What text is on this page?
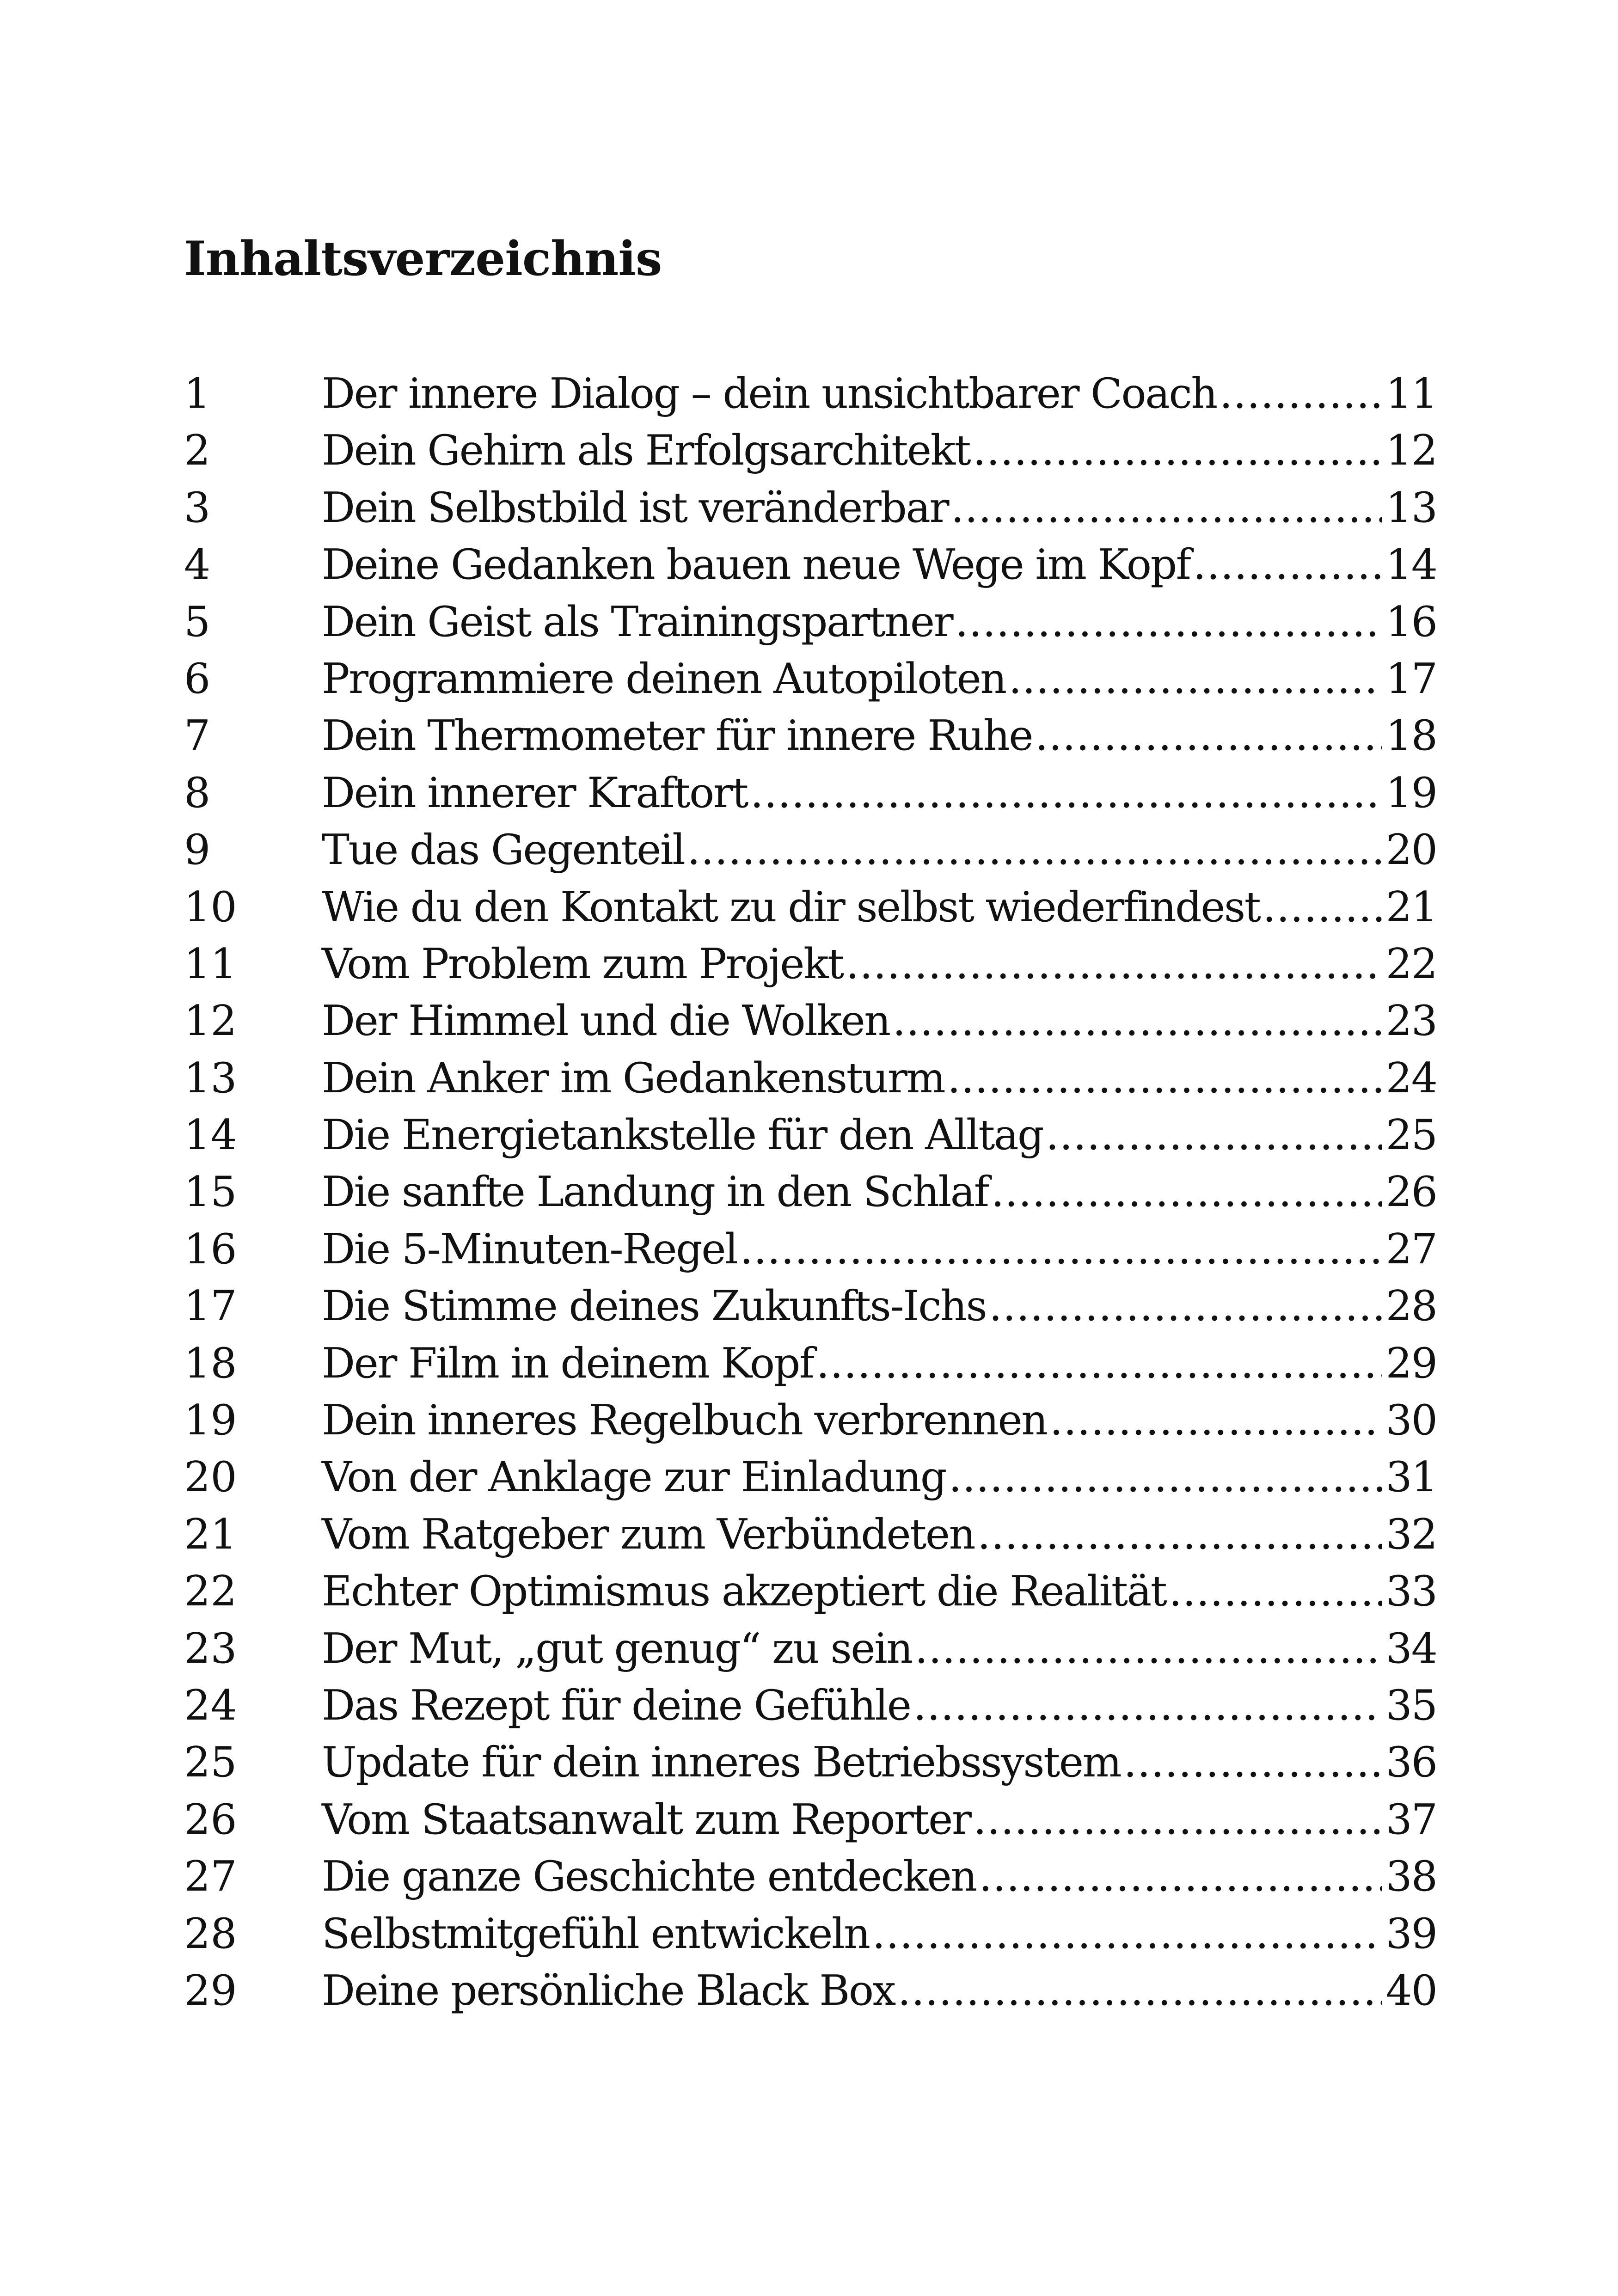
Inhaltsverzeichnis
1	Der innere Dialog – dein unsichtbarer Coach .....	11
2	Dein Gehirn als Erfolgsarchitekt .....	12
3	Dein Selbstbild ist veränderbar .....	13
4	Deine Gedanken bauen neue Wege im Kopf .....	14
5	Dein Geist als Trainingspartner .....	16
6	Programmiere deinen Autopiloten .....	17
7	Dein Thermometer für innere Ruhe .....	18
8	Dein innerer Kraftort .....	19
9	Tue das Gegenteil .....	20
10	Wie du den Kontakt zu dir selbst wiederfindest .....	21
11	Vom Problem zum Projekt .....	22
12	Der Himmel und die Wolken .....	23
13	Dein Anker im Gedankensturm .....	24
14	Die Energietankstelle für den Alltag .....	25
15	Die sanfte Landung in den Schlaf .....	26
16	Die 5-Minuten-Regel .....	27
17	Die Stimme deines Zukunfts-Ichs .....	28
18	Der Film in deinem Kopf .....	29
19	Dein inneres Regelbuch verbrennen .....	30
20	Von der Anklage zur Einladung .....	31
21	Vom Ratgeber zum Verbündeten .....	32
22	Echter Optimismus akzeptiert die Realität .....	33
23	Der Mut, „gut genug“ zu sein .....	34
24	Das Rezept für deine Gefühle .....	35
25	Update für dein inneres Betriebssystem .....	36
26	Vom Staatsanwalt zum Reporter .....	37
27	Die ganze Geschichte entdecken .....	38
28	Selbstmitgefühl entwickeln .....	39
29	Deine persönliche Black Box .....	40
